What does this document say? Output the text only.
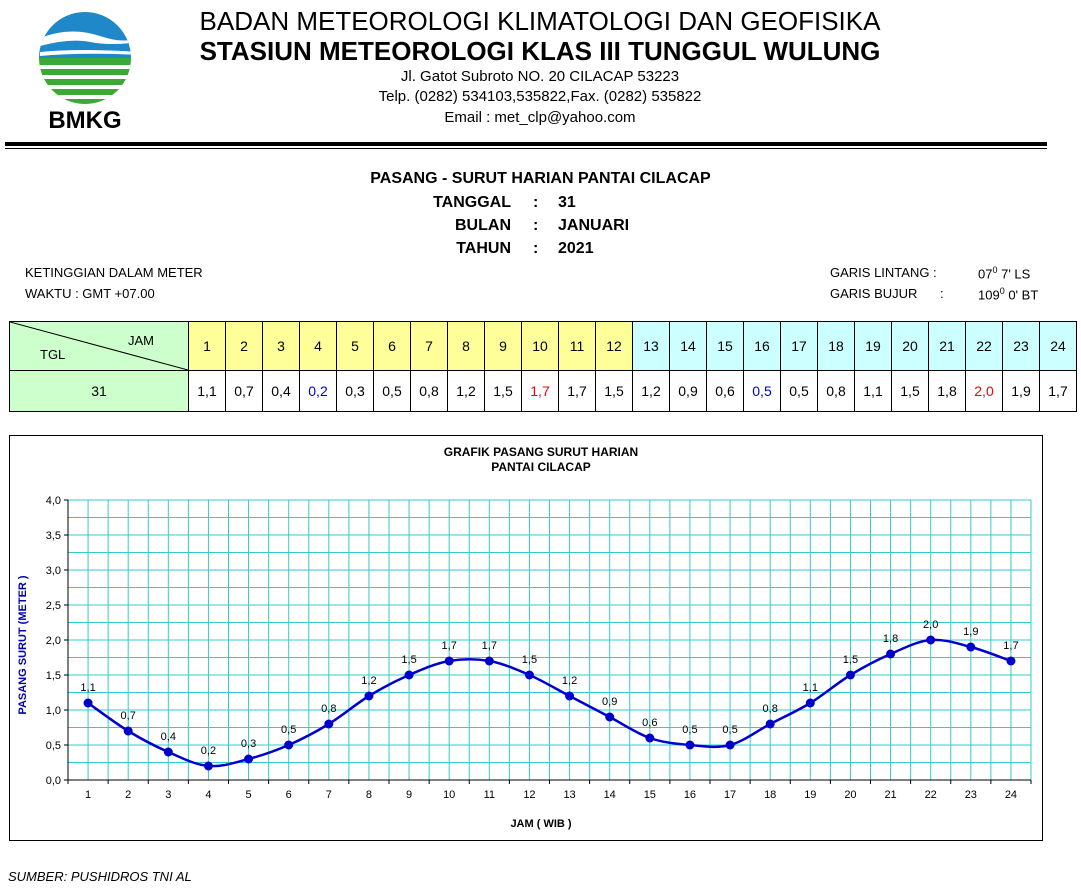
BMKG
BADAN METEOROLOGI KLIMATOLOGI DAN GEOFISIKA
STASIUN METEOROLOGI KLAS III TUNGGUL WULUNG
Jl. Gatot Subroto NO. 20 CILACAP 53223
Telp. (0282) 534103,535822,Fax. (0282) 535822
Email : met_clp@yahoo.com
PASANG - SURUT HARIAN PANTAI CILACAP
TANGGAL : 31
BULAN : JANUARI
TAHUN : 2021
KETINGGIAN DALAM METER
WAKTU : GMT +07.00
GARIS LINTANG :	$07^0$ 7' LS
GARIS BUJUR :	$109^0$ 0' BT
JAM
TGL	1	2	3	4	5	6	7	8	9	10	11	12	13	14	15	16	17	18	19	20	21	22	23	24
31	1,1	0,7	0,4	0,2	0,3	0,5	0,8	1,2	1,5	1,7	1,7	1,5	1,2	0,9	0,6	0,5	0,5	0,8	1,1	1,5	1,8	2,0	1,9	1,7
GRAFIK PASANG SURUT HARIAN
PANTAI CILACAP
0,0
0,5
1,0
1,5
2,0
2,5
3,0
3,5
4,0
1	2	3	4	5	6	7	8	9	10	11	12	13	14	15	16	17	18	19	20	21	22	23	24
1,1
0,7
0,4
0,2
0,3
0,5
0,8
1,2
1,5
1,7 1,7
1,5
1,2
0,9
0,6
0,5 0,5
0,8
1,1
1,5
1,8
2,0
1,9
1,7
JAM ( WIB )
PASANG SURUT (METER )
SUMBER: PUSHIDROS TNI AL
